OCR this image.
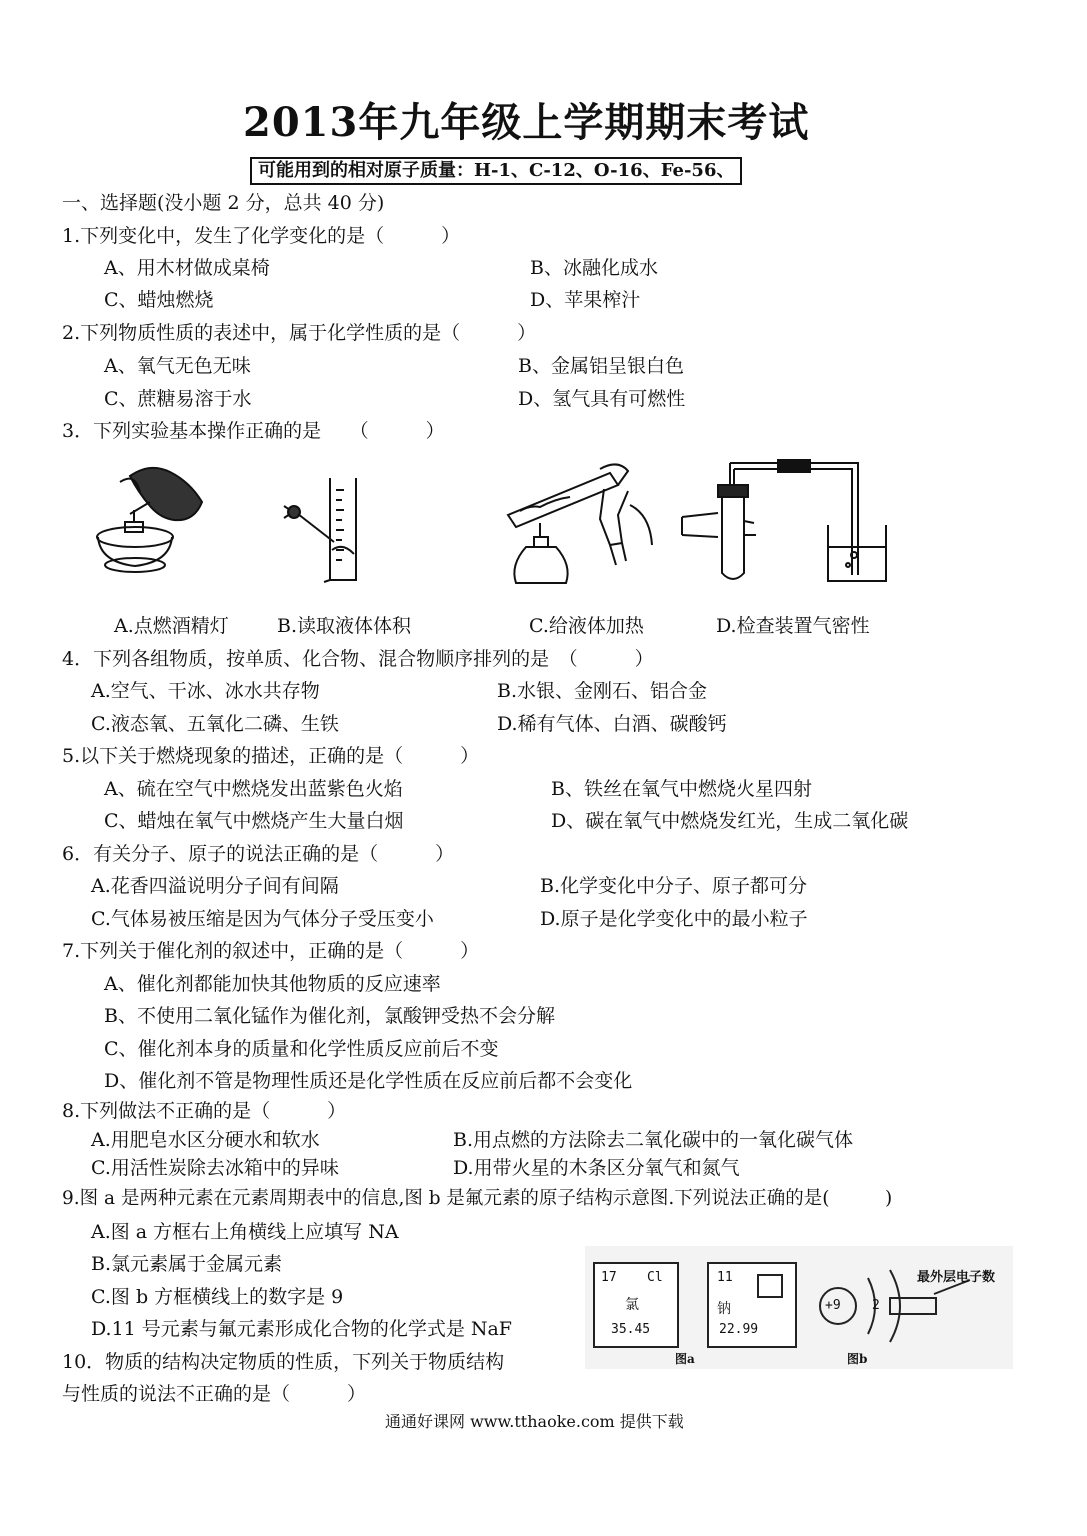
2013年九年级上学期期末考试
可能用到的相对原子质量：H-1、C-12、O-16、Fe-56、
一、选择题(没小题 2 分，总共 40 分)
1.下列变化中，发生了化学变化的是（　　　）
A、用木材做成桌椅	B、冰融化成水
C、蜡烛燃烧	D、苹果榨汁
2.下列物质性质的表述中，属于化学性质的是（　　　）
A、氧气无色无味	B、金属铝呈银白色
C、蔗糖易溶于水	D、氢气具有可燃性
3．下列实验基本操作正确的是　　（　　　）
A.点燃酒精灯	B.读取液体体积	C.给液体加热	D.检查装置气密性
4．下列各组物质，按单质、化合物、混合物顺序排列的是　（　　　）
A.空气、干冰、冰水共存物	B.水银、金刚石、铝合金
C.液态氧、五氧化二磷、生铁	D.稀有气体、白酒、碳酸钙
5.以下关于燃烧现象的描述，正确的是（　　　）
A、硫在空气中燃烧发出蓝紫色火焰	B、铁丝在氧气中燃烧火星四射
C、蜡烛在氧气中燃烧产生大量白烟	D、碳在氧气中燃烧发红光，生成二氧化碳
6．有关分子、原子的说法正确的是（　　　）
A.花香四溢说明分子间有间隔	B.化学变化中分子、原子都可分
C.气体易被压缩是因为气体分子受压变小	D.原子是化学变化中的最小粒子
7.下列关于催化剂的叙述中，正确的是（　　　）
A、催化剂都能加快其他物质的反应速率
B、不使用二氧化锰作为催化剂，氯酸钾受热不会分解
C、催化剂本身的质量和化学性质反应前后不变
D、催化剂不管是物理性质还是化学性质在反应前后都不会变化
8.下列做法不正确的是（　　　）
A.用肥皂水区分硬水和软水	B.用点燃的方法除去二氧化碳中的一氧化碳气体
C.用活性炭除去冰箱中的异味	D.用带火星的木条区分氧气和氮气
9.图 a 是两种元素在元素周期表中的信息,图 b 是氟元素的原子结构示意图.下列说法正确的是(　　　)
A.图 a 方框右上角横线上应填写 NA
B.氯元素属于金属元素
C.图 b 方框横线上的数字是 9
D.11 号元素与氟元素形成化合物的化学式是 NaF
17 Cl
氯
35.45
11
钠
22.99
+9 2
最外层电子数
图a	图b
10．物质的结构决定物质的性质，下列关于物质结构
与性质的说法不正确的是（　　　）
通通好课网 www.tthaoke.com 提供下载
